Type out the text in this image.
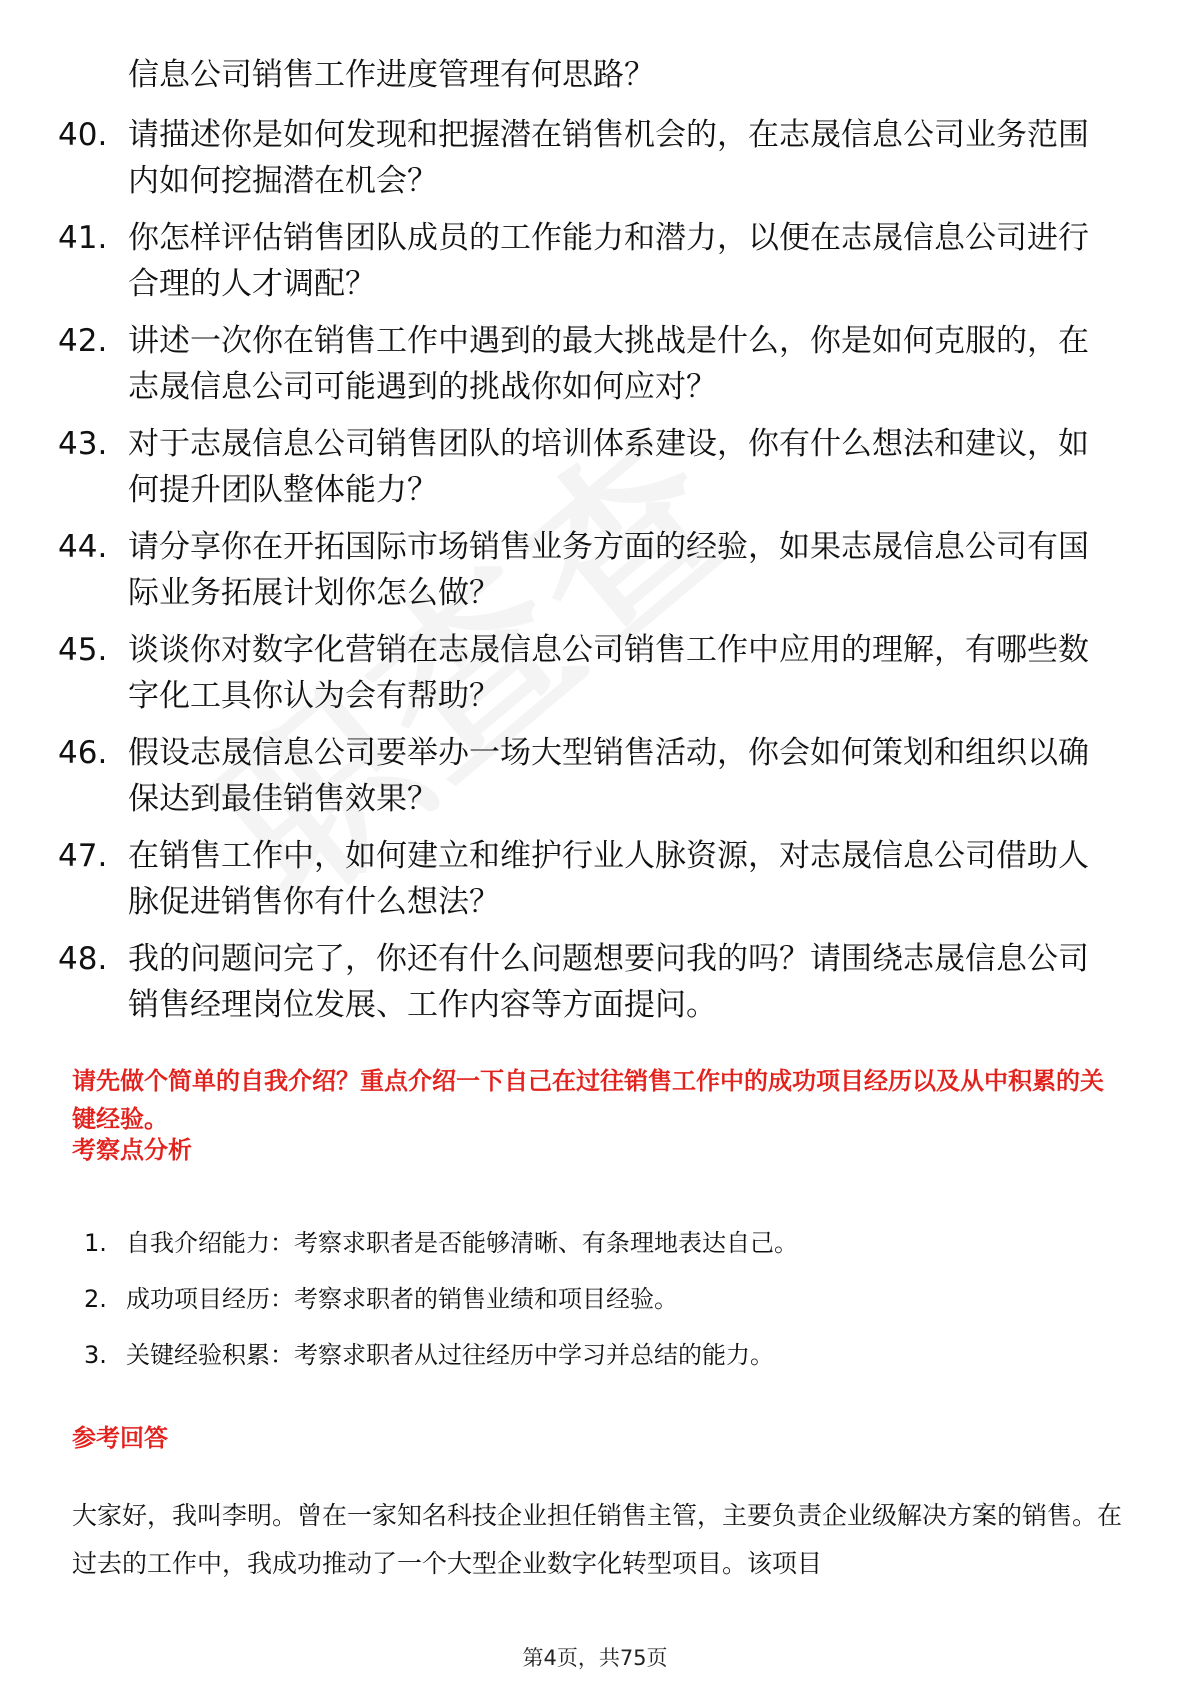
信息公司销售工作进度管理有何思路？
40. 请描述你是如何发现和把握潜在销售机会的，在志晟信息公司业务范围内如何挖掘潜在机会？
41. 你怎样评估销售团队成员的工作能力和潜力，以便在志晟信息公司进行合理的人才调配？
42. 讲述一次你在销售工作中遇到的最大挑战是什么，你是如何克服的，在志晟信息公司可能遇到的挑战你如何应对？
43. 对于志晟信息公司销售团队的培训体系建设，你有什么想法和建议，如何提升团队整体能力？
44. 请分享你在开拓国际市场销售业务方面的经验，如果志晟信息公司有国际业务拓展计划你怎么做？
45. 谈谈你对数字化营销在志晟信息公司销售工作中应用的理解，有哪些数字化工具你认为会有帮助？
46. 假设志晟信息公司要举办一场大型销售活动，你会如何策划和组织以确保达到最佳销售效果？
47. 在销售工作中，如何建立和维护行业人脉资源，对志晟信息公司借助人脉促进销售你有什么想法？
48. 我的问题问完了，你还有什么问题想要问我的吗？请围绕志晟信息公司销售经理岗位发展、工作内容等方面提问。
请先做个简单的自我介绍？重点介绍一下自己在过往销售工作中的成功项目经历以及从中积累的关键经验。
考察点分析
1. 自我介绍能力：考察求职者是否能够清晰、有条理地表达自己。
2. 成功项目经历：考察求职者的销售业绩和项目经验。
3. 关键经验积累：考察求职者从过往经历中学习并总结的能力。
参考回答
大家好，我叫李明。曾在一家知名科技企业担任销售主管，主要负责企业级解决方案的销售。在过去的工作中，我成功推动了一个大型企业数字化转型项目。该项目
第4页，共75页
